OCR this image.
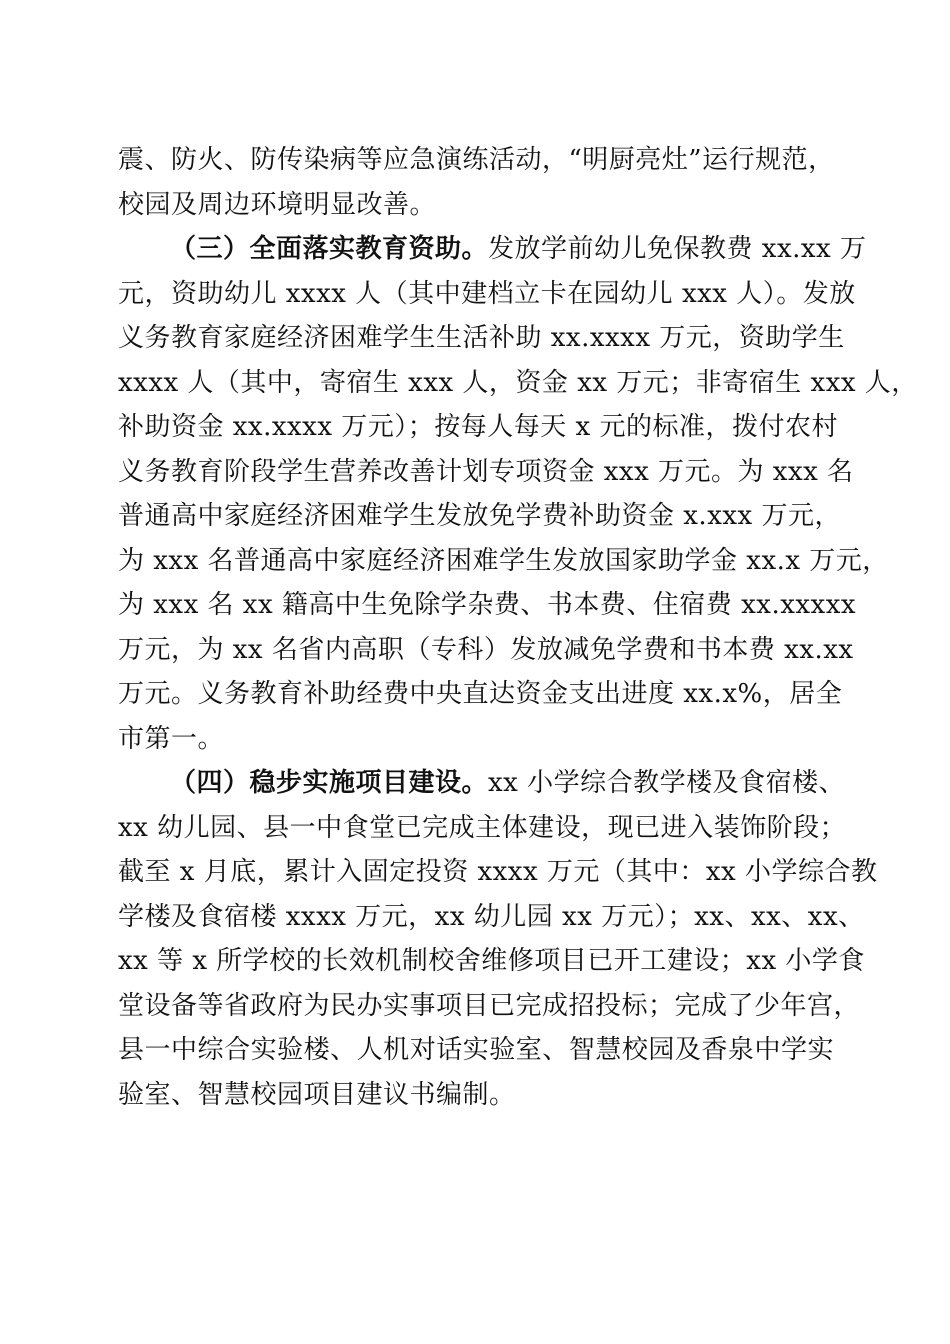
震、防火、防传染病等应急演练活动，“明厨亮灶”运行规范，
校园及周边环境明显改善。
（三）全面落实教育资助。发放学前幼儿免保教费 xx.xx 万
元，资助幼儿 xxxx 人（其中建档立卡在园幼儿 xxx 人）。发放
义务教育家庭经济困难学生生活补助 xx.xxxx 万元，资助学生
xxxx 人（其中，寄宿生 xxx 人，资金 xx 万元；非寄宿生 xxx 人，
补助资金 xx.xxxx 万元）；按每人每天 x 元的标准，拨付农村
义务教育阶段学生营养改善计划专项资金 xxx 万元。为 xxx 名
普通高中家庭经济困难学生发放免学费补助资金 x.xxx 万元，
为 xxx 名普通高中家庭经济困难学生发放国家助学金 xx.x 万元，
为 xxx 名 xx 籍高中生免除学杂费、书本费、住宿费 xx.xxxxx
万元，为 xx 名省内高职（专科）发放减免学费和书本费 xx.xx
万元。义务教育补助经费中央直达资金支出进度 xx.x%，居全
市第一。
（四）稳步实施项目建设。xx 小学综合教学楼及食宿楼、
xx 幼儿园、县一中食堂已完成主体建设，现已进入装饰阶段；
截至 x 月底，累计入固定投资 xxxx 万元（其中：xx 小学综合教
学楼及食宿楼 xxxx 万元，xx 幼儿园 xx 万元）；xx、xx、xx、
xx 等 x 所学校的长效机制校舍维修项目已开工建设；xx 小学食
堂设备等省政府为民办实事项目已完成招投标；完成了少年宫，
县一中综合实验楼、人机对话实验室、智慧校园及香泉中学实
验室、智慧校园项目建议书编制。
